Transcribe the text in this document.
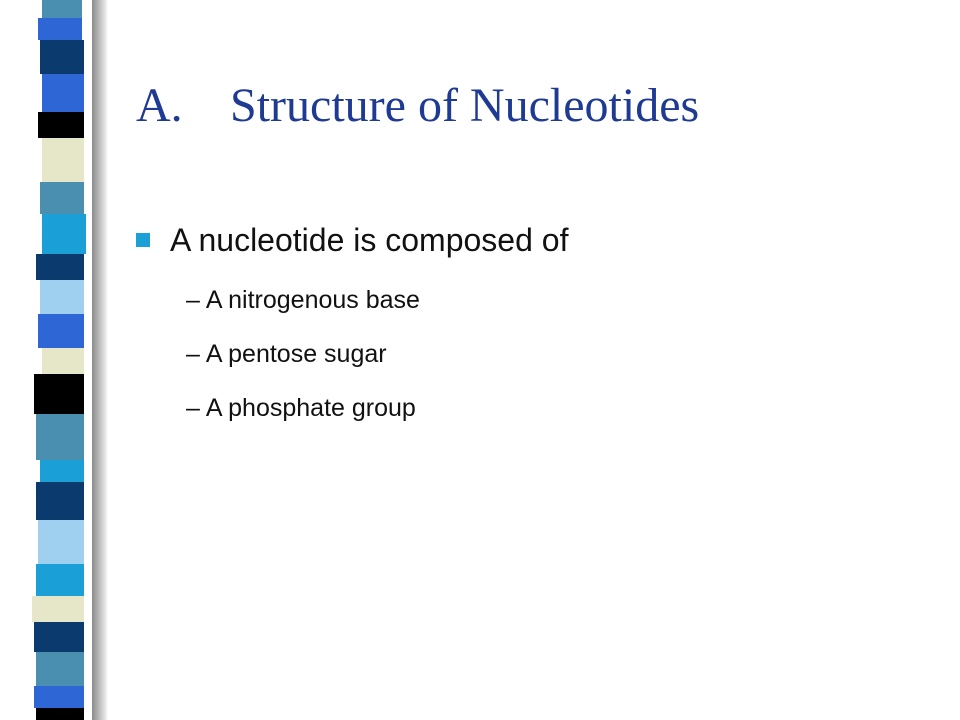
A. Structure of Nucleotides
A nucleotide is composed of
– A nitrogenous base
– A pentose sugar
– A phosphate group
